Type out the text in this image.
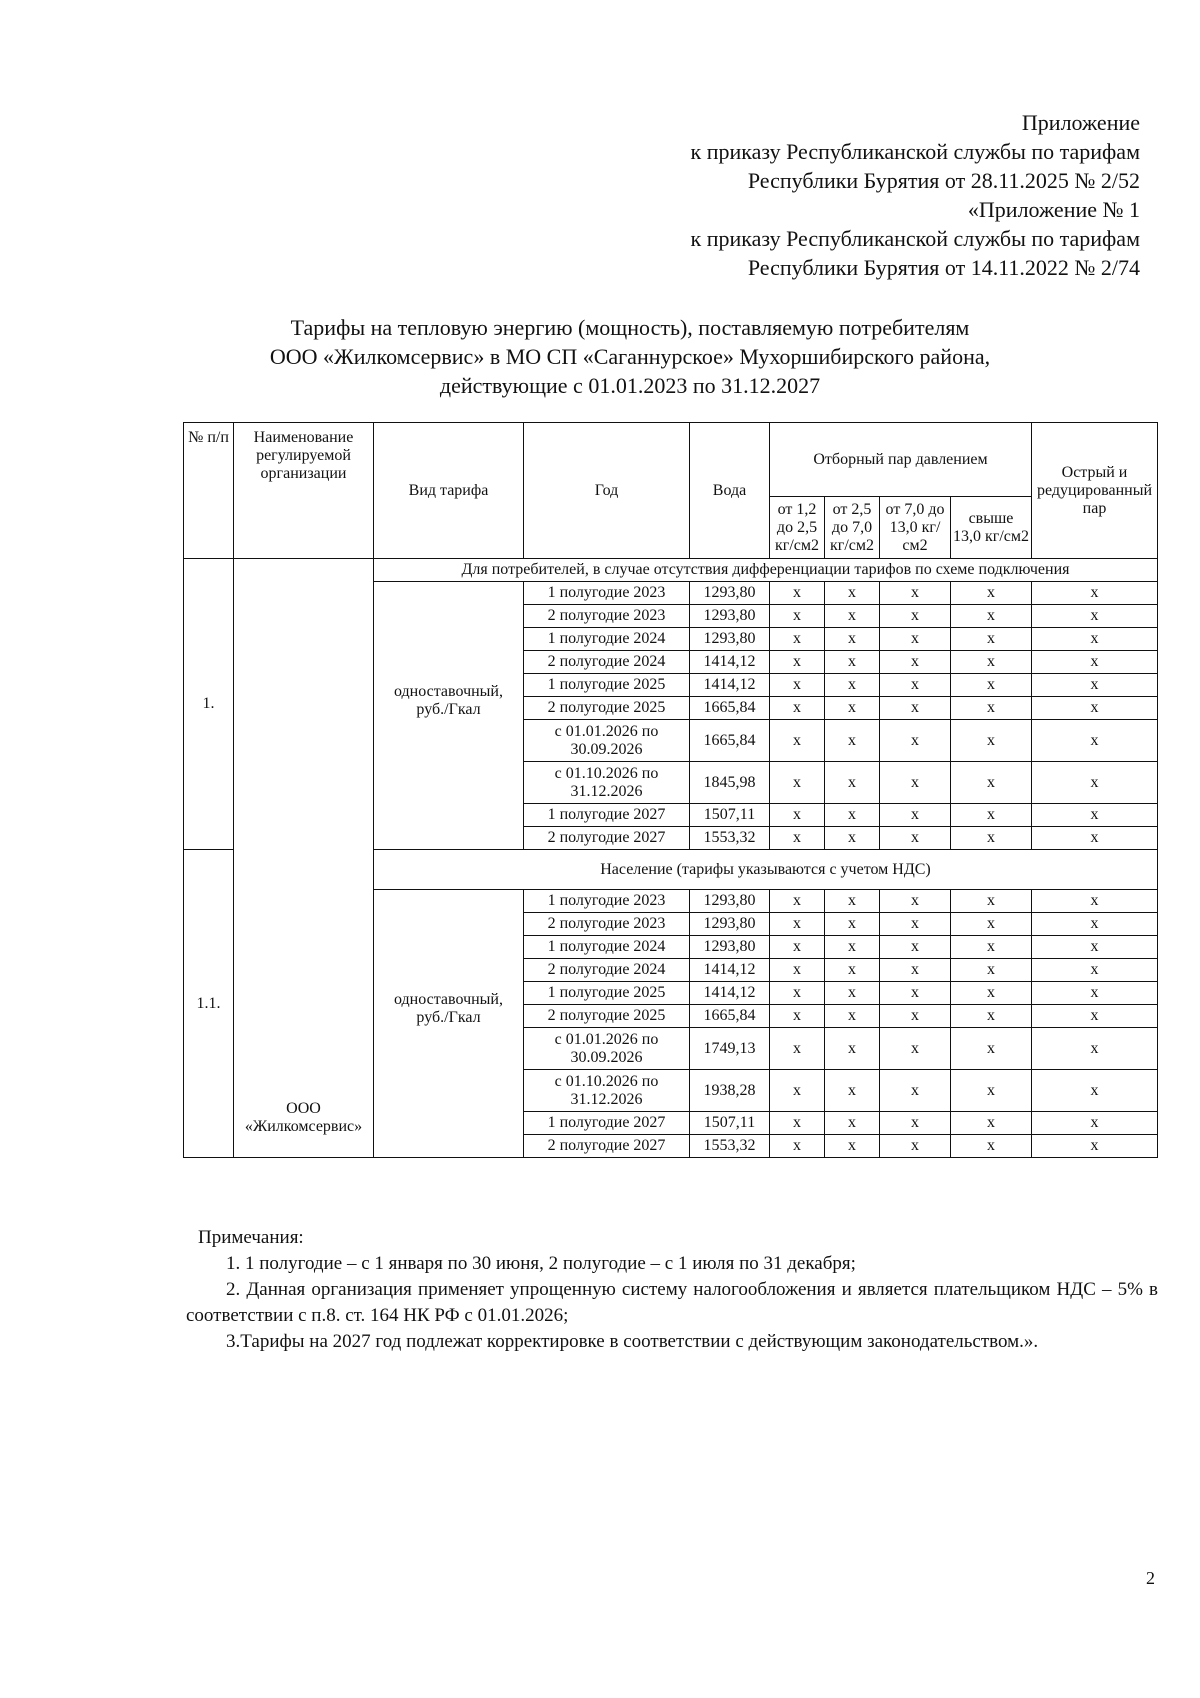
Приложение
к приказу Республиканской службы по тарифам
Республики Бурятия от 28.11.2025 № 2/52
«Приложение № 1
к приказу Республиканской службы по тарифам
Республики Бурятия от 14.11.2022 № 2/74
Тарифы на тепловую энергию (мощность), поставляемую потребителям
ООО «Жилкомсервис» в МО СП «Саганнурское» Мухоршибирского района,
действующие с 01.01.2023 по 31.12.2027
№ п/п	Наименование регулируемой организации	Вид тарифа	Год	Вода	Отборный пар давлением				Острый и редуцированный пар
					от 1,2 до 2,5 кг/см2	от 2,5 до 7,0 кг/см2	от 7,0 до 13,0 кг/см2	свыше 13,0 кг/см2	
1.	ООО «Жилкомсервис»	Для потребителей, в случае отсутствия дифференциации тарифов по схеме подключения							
		одноставочный, руб./Гкал	1 полугодие 2023	1293,80	x	x	x	x	x
			2 полугодие 2023	1293,80	x	x	x	x	x
			1 полугодие 2024	1293,80	x	x	x	x	x
			2 полугодие 2024	1414,12	x	x	x	x	x
			1 полугодие 2025	1414,12	x	x	x	x	x
			2 полугодие 2025	1665,84	x	x	x	x	x
			с 01.01.2026 по 30.09.2026	1665,84	x	x	x	x	x
			с 01.10.2026 по 31.12.2026	1845,98	x	x	x	x	x
			1 полугодие 2027	1507,11	x	x	x	x	x
			2 полугодие 2027	1553,32	x	x	x	x	x
1.1.		Население (тарифы указываются с учетом НДС)							
		одноставочный, руб./Гкал	1 полугодие 2023	1293,80	x	x	x	x	x
			2 полугодие 2023	1293,80	x	x	x	x	x
			1 полугодие 2024	1293,80	x	x	x	x	x
			2 полугодие 2024	1414,12	x	x	x	x	x
			1 полугодие 2025	1414,12	x	x	x	x	x
			2 полугодие 2025	1665,84	x	x	x	x	x
			с 01.01.2026 по 30.09.2026	1749,13	x	x	x	x	x
			с 01.10.2026 по 31.12.2026	1938,28	x	x	x	x	x
			1 полугодие 2027	1507,11	x	x	x	x	x
			2 полугодие 2027	1553,32	x	x	x	x	x
Примечания:
1. 1 полугодие – с 1 января по 30 июня, 2 полугодие – с 1 июля по 31 декабря;
2. Данная организация применяет упрощенную систему налогообложения и является плательщиком НДС – 5% в соответствии с п.8. ст. 164 НК РФ с 01.01.2026;
3.Тарифы на 2027 год подлежат корректировке в соответствии с действующим законодательством.».
2
